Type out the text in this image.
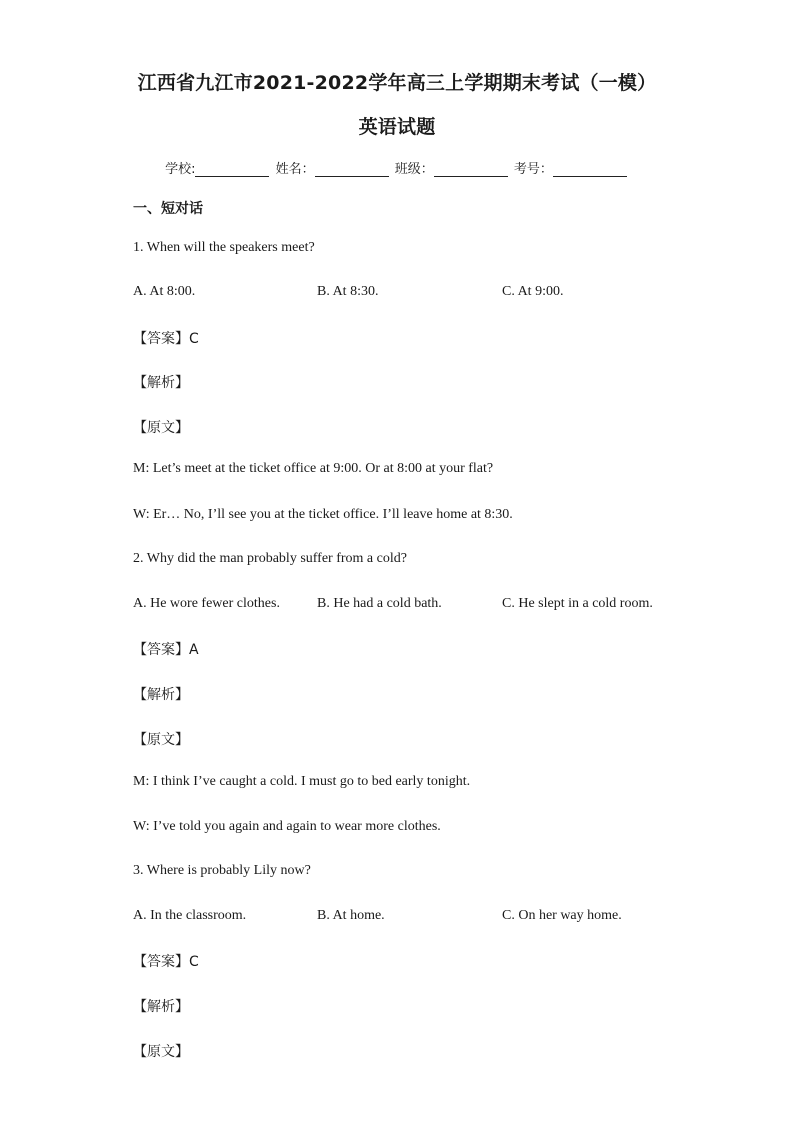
江西省九江市2021-2022学年高三上学期期末考试（一模）
英语试题
学校:	姓名：	班级：	考号：
一、短对话
1. When will the speakers meet?
A. At 8:00.	B. At 8:30.	C. At 9:00.
【答案】C
【解析】
【原文】
M: Let’s meet at the ticket office at 9:00. Or at 8:00 at your flat?
W: Er… No, I’ll see you at the ticket office. I’ll leave home at 8:30.
2. Why did the man probably suffer from a cold?
A. He wore fewer clothes.	B. He had a cold bath.	C. He slept in a cold room.
【答案】A
【解析】
【原文】
M: I think I’ve caught a cold. I must go to bed early tonight.
W: I’ve told you again and again to wear more clothes.
3. Where is probably Lily now?
A. In the classroom.	B. At home.	C. On her way home.
【答案】C
【解析】
【原文】
